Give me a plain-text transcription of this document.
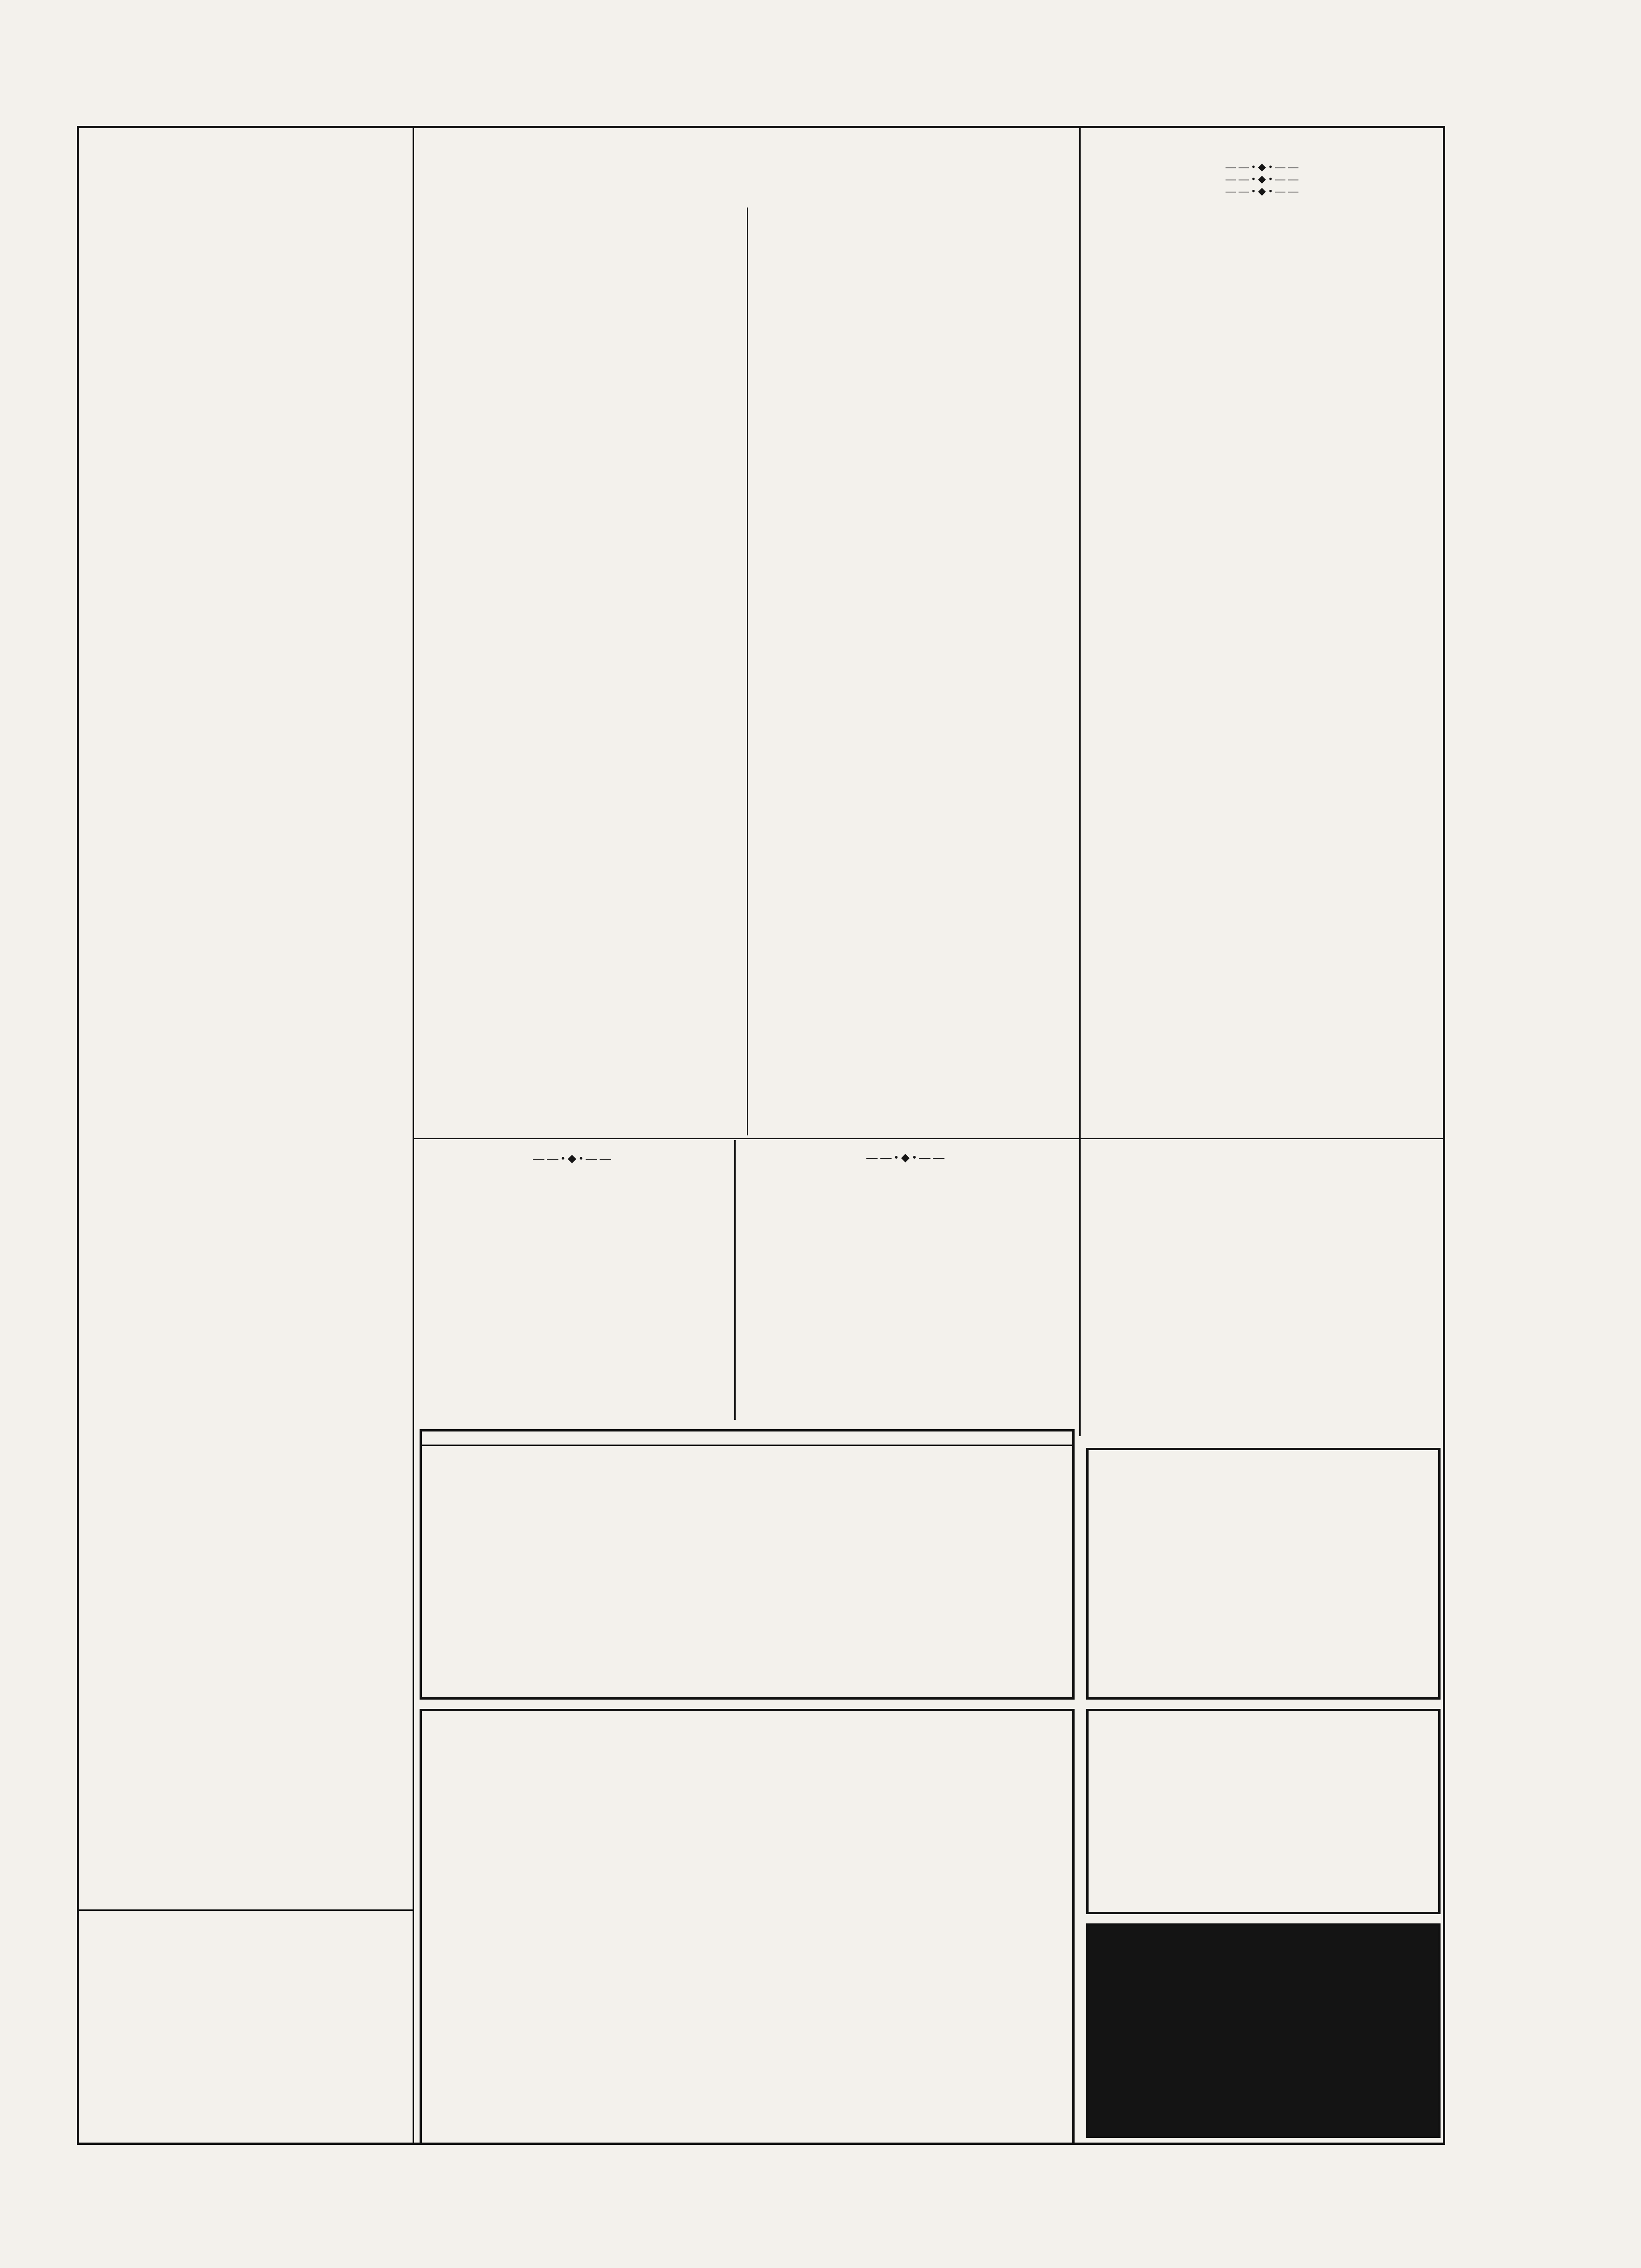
——•◆•——	——•◆•——
——•◆•——
——•◆•——
——•◆•——
